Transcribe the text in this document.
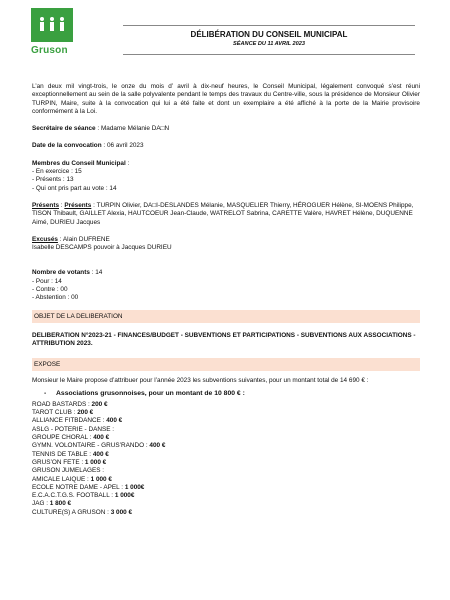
Gruson
DÉLIBÉRATION DU CONSEIL MUNICIPAL
SÉANCE DU 11 AVRIL 2023

L’an deux mil vingt-trois, le onze du mois d’ avril à dix-neuf heures, le Conseil Municipal, légalement convoqué s’est réuni exceptionnellement au sein de la salle polyvalente pendant le temps des travaux du Centre-ville, sous la présidence de Monsieur Olivier TURPIN, Maire, suite à la convocation qui lui a été faite et dont un exemplaire a été affiché à la porte de la Mairie provisoire conformément à la Loi.

Secrétaire de séance : Madame Mélanie DA□N

Date de la convocation : 06 avril 2023

Membres du Conseil Municipal :

- En exercice : 15

- Présents : 13

- Qui ont pris part au vote : 14

Présents : Présents : TURPIN Olivier, DA□I-DESLANDES Mélanie, MASQUELIER Thierry, HÉROGUER Hélène, SI-MOENS Philippe, TISON Thibault, GAILLET Alexia, HAUTCOEUR Jean-Claude, WATRELOT Sabrina, CARETTE Valère, HAVRET Hélène, DUQUENNE Aimé, DURIEU Jacques

Excusés : Alain DUFRENE

Isabelle DESCAMPS pouvoir à Jacques DURIEU

Nombre de votants : 14

- Pour : 14

- Contre : 00

- Abstention : 00

OBJET DE LA DELIBERATION

DELIBERATION N°2023-21 - FINANCES/BUDGET - SUBVENTIONS ET PARTICIPATIONS - SUBVENTIONS AUX ASSOCIATIONS -ATTRIBUTION 2023.

EXPOSE

Monsieur le Maire propose d’attribuer pour l’année 2023 les subventions suivantes, pour un montant total de 14 690 € :

- Associations grusonnoises, pour un montant de 10 800 € :

ROAD BASTARDS : 200 €

TAROT CLUB : 200 €

ALLIANCE FITBDANCE : 400 €

ASLG - POTERIE - DANSE :

GROUPE CHORAL : 400 €

GYMN. VOLONTAIRE - GRUS’RANDO : 400 €

TENNIS DE TABLE : 400 €

GRUS’ON FETE : 1 000 €

GRUSON JUMELAGES :

AMICALE LAIQUE : 1 000 €

ECOLE NOTRE DAME - APEL : 1 000€

E.C.A.C.T.G.S. FOOTBALL : 1 000€

JAG : 1 800 €

CULTURE(S) A GRUSON : 3 000 €
